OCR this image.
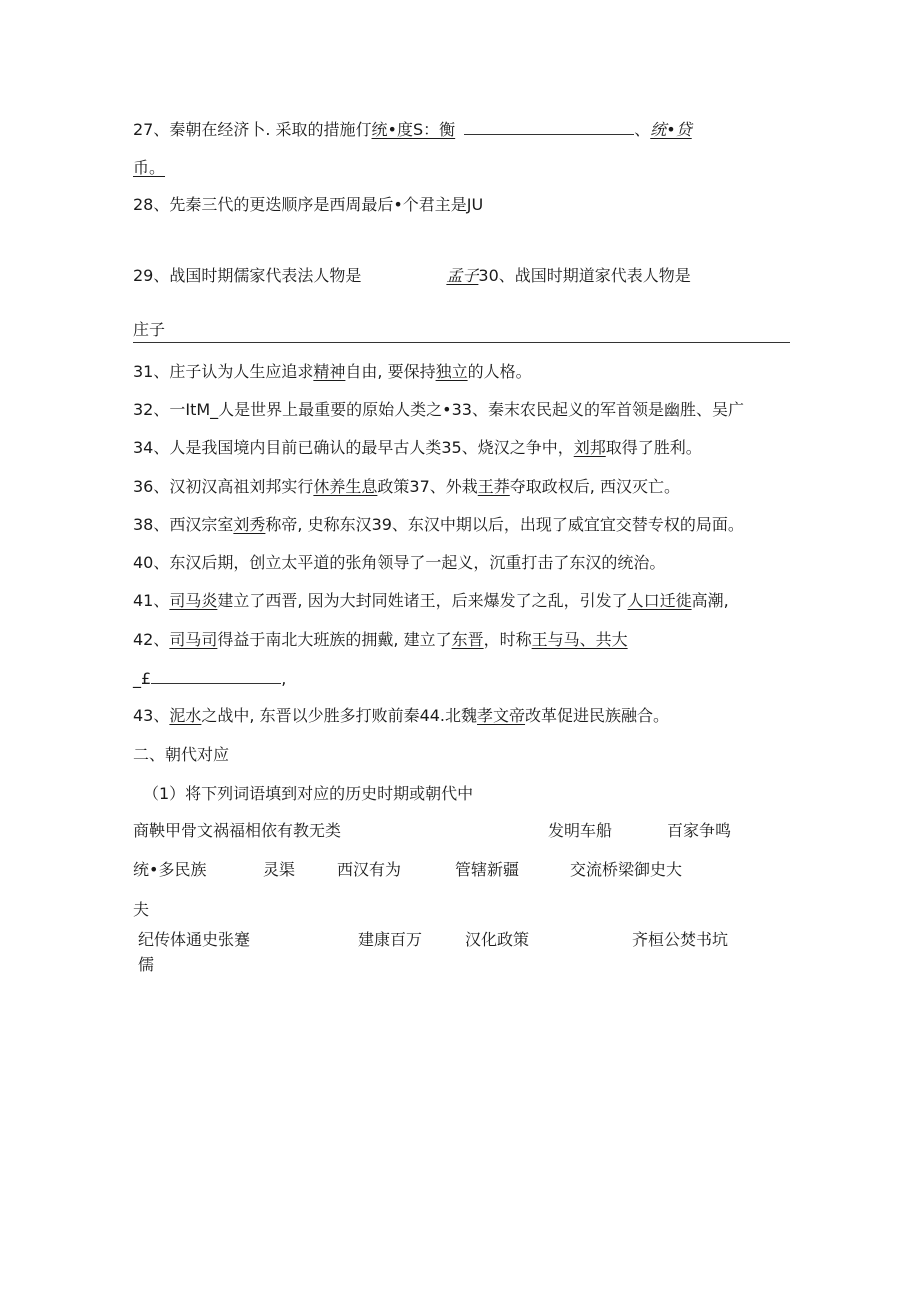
27、秦朝在经济卜. 采取的措施仃统•度S：衡	、统•贷
币。
28、先秦三代的更迭顺序是西周最后•个君主是JU
29、战国时期儒家代表法人物是	孟子30、战国时期道家代表人物是
庄子
31、庄子认为人生应追求精神自由, 要保持独立的人格。
32、一ItM_人是世界上最重要的原始人类之•33、秦末农民起义的军首领是幽胜、吴广
34、人是我国境内目前已确认的最早古人类35、烧汉之争中，刘邦取得了胜利。
36、汉初汉高祖刘邦实行休养生息政策37、外栽王莽夺取政权后, 西汉灭亡。
38、西汉宗室刘秀称帝, 史称东汉39、东汉中期以后，出现了威宜宜交替专权的局面。
40、东汉后期，创立太平道的张角领导了一起义，沉重打击了东汉的统治。
41、司马炎建立了西晋, 因为大封同姓诸王，后来爆发了之乱，引发了人口迁徙高潮,
42、司马司得益于南北大班族的拥戴, 建立了东晋，时称王与马、共大
_£	,
43、泥水之战中, 东晋以少胜多打败前秦44.北魏孝文帝改革促进民族融合。
二、朝代对应
（1）将下列词语填到对应的历史时期或朝代中
商鞅甲骨文祸福相依有教无类	发明车船	百家争鸣
统•多民族	灵渠	西汉有为	管辖新疆	交流桥梁御史大
夫
纪传体通史张蹇	建康百万	汉化政策	齐桓公焚书坑
儒
